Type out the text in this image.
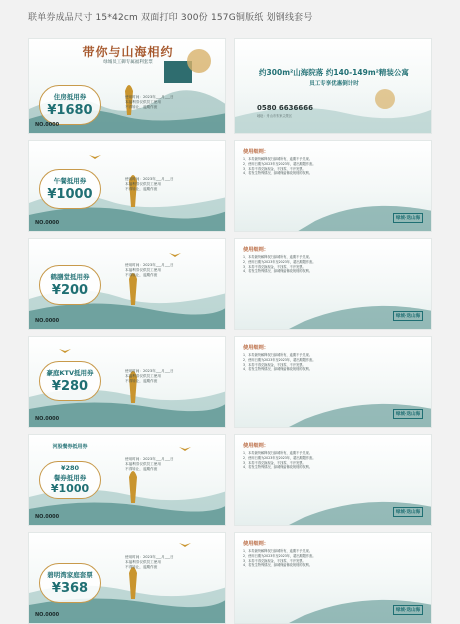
联单券成品尺寸 15*42cm 双面打印 300份 157G铜版纸 划钢线套号
带你与山海相约
绿城员工御专属福利套票
住房抵用券
¥1680
使用时间：2023年___月___日
本福利券仅供员工使用
不得转让，逾期作废
NO.0000
午餐抵用券
¥1000
使用时间：2023年___月___日
本福利券仅供员工使用
不得转让，逾期作废
NO.0000
鹤膳堂抵用券
¥200
使用时间：2023年___月___日
本福利券仅供员工使用
不得转让，逾期作废
NO.0000
豪庭KTV抵用券
¥280
使用时间：2023年___月___日
本福利券仅供员工使用
不得转让，逾期作废
NO.0000
河股餐券抵用券
¥280
餐券抵用券
¥1000
使用时间：2023年___月___日
本福利券仅供员工使用
不得转让，逾期作废
NO.0000
碧明湾家庭套票
¥368
使用时间：2023年___月___日
本福利券仅供员工使用
不得转让，逾期作废
NO.0000
约300m²山海院落 约140-149m²精装公寓
员工专享优惠倒计时
0580 6636666
地址：舟山市朱家尖景区
使用细则：
1、本券最终解释权归绿城所有，逾期不予兑现。
2、使用日期为2023年至2023年，超出期限作废。
3、本券不得兑换现金，不找零，不开发票。
4、若发生特殊情况，绿城保留修改规则的权利。
绿城·迭山海
使用细则：
1、本券最终解释权归绿城所有，逾期不予兑现。
2、使用日期为2023年至2023年，超出期限作废。
3、本券不得兑换现金，不找零，不开发票。
4、若发生特殊情况，绿城保留修改规则的权利。
绿城·迭山海
使用细则：
1、本券最终解释权归绿城所有，逾期不予兑现。
2、使用日期为2023年至2023年，超出期限作废。
3、本券不得兑换现金，不找零，不开发票。
4、若发生特殊情况，绿城保留修改规则的权利。
绿城·迭山海
使用细则：
1、本券最终解释权归绿城所有，逾期不予兑现。
2、使用日期为2023年至2023年，超出期限作废。
3、本券不得兑换现金，不找零，不开发票。
4、若发生特殊情况，绿城保留修改规则的权利。
绿城·迭山海
使用细则：
1、本券最终解释权归绿城所有，逾期不予兑现。
2、使用日期为2023年至2023年，超出期限作废。
3、本券不得兑换现金，不找零，不开发票。
4、若发生特殊情况，绿城保留修改规则的权利。
绿城·迭山海
